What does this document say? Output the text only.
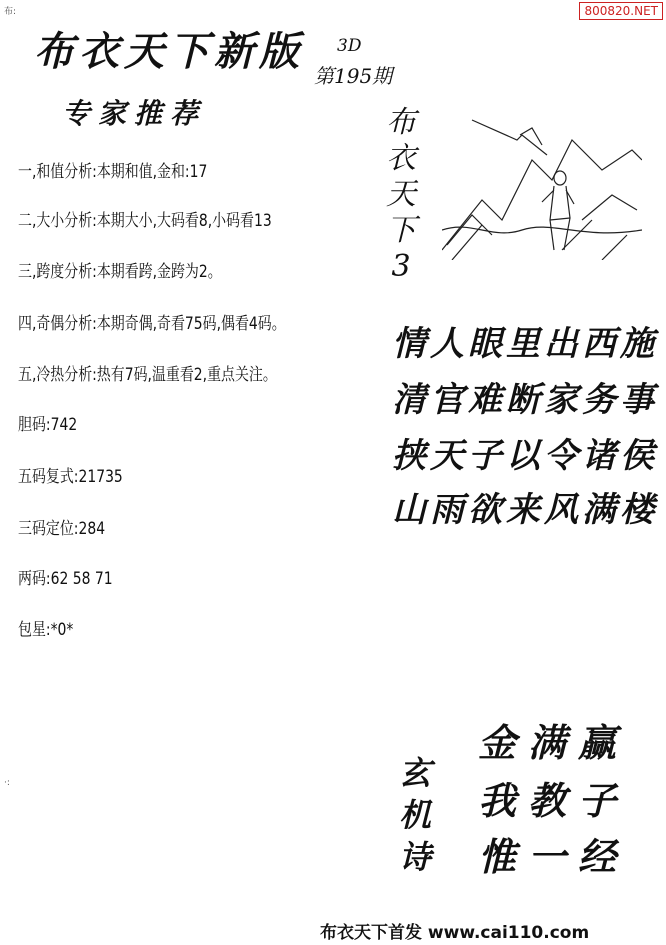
布:
·:
800820.NET
布衣天下新版 3D
第195期
专家推荐
一,和值分析:本期和值,金和:17
二,大小分析:本期大小,大码看8,小码看13
三,跨度分析:本期看跨,金跨为2。
四,奇偶分析:本期奇偶,奇看75码,偶看4码。
五,冷热分析:热有7码,温重看2,重点关注。
胆码:742
五码复式:21735
三码定位:284
两码:62 58 71
包星:*0*
布
衣
天
下
3
情人眼里出西施
清官难断家务事
挟天子以令诸侯
山雨欲来风满楼
玄
机
诗
金满赢
我教子
惟一经
布衣天下首发 www.cai110.com
